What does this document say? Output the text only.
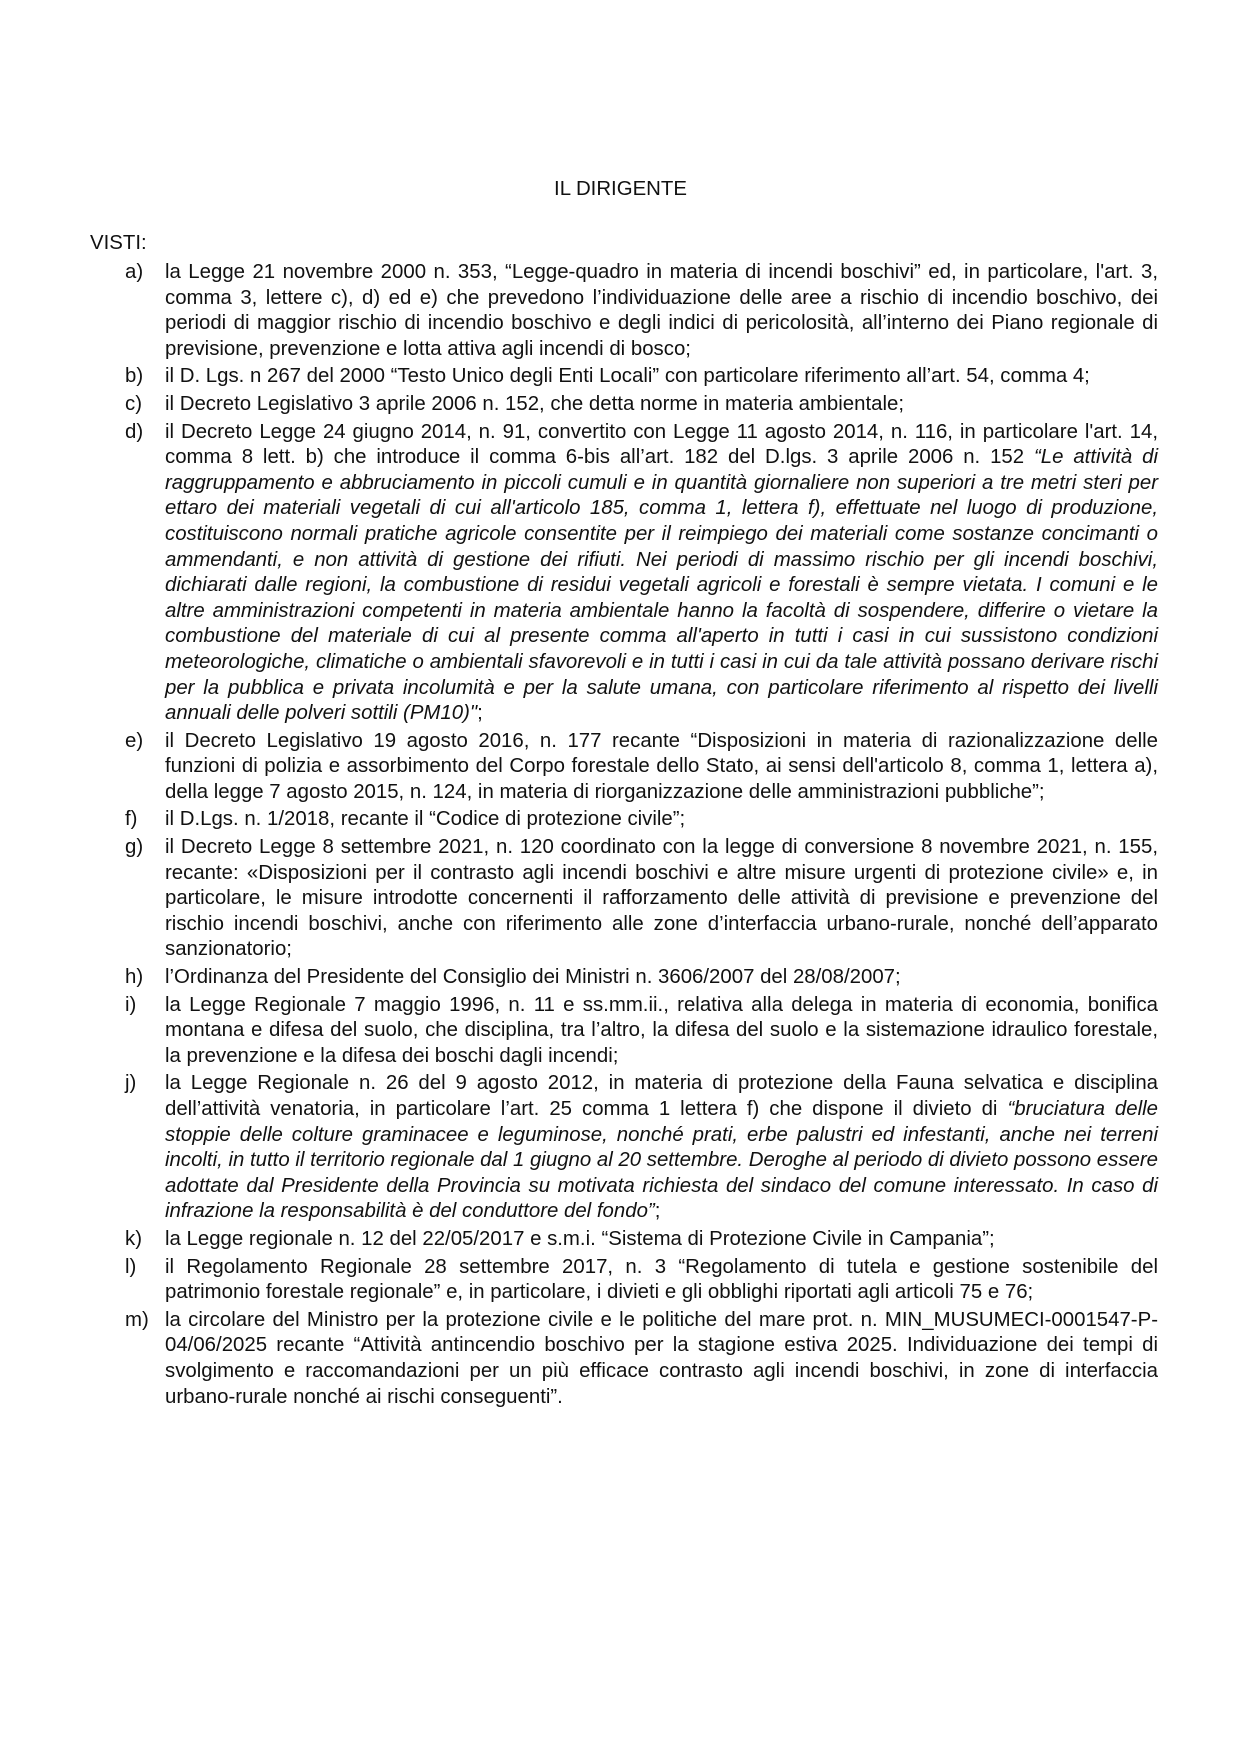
IL DIRIGENTE
VISTI:
a) la Legge 21 novembre 2000 n. 353, “Legge-quadro in materia di incendi boschivi” ed, in particolare, l'art. 3, comma 3, lettere c), d) ed e) che prevedono l’individuazione delle aree a rischio di incendio boschivo, dei periodi di maggior rischio di incendio boschivo e degli indici di pericolosità, all’interno dei Piano regionale di previsione, prevenzione e lotta attiva agli incendi di bosco;
b) il D. Lgs. n 267 del 2000 “Testo Unico degli Enti Locali” con particolare riferimento all’art. 54, comma 4;
c) il Decreto Legislativo 3 aprile 2006 n. 152, che detta norme in materia ambientale;
d) il Decreto Legge 24 giugno 2014, n. 91, convertito con Legge 11 agosto 2014, n. 116, in particolare l'art. 14, comma 8 lett. b) che introduce il comma 6-bis all’art. 182 del D.lgs. 3 aprile 2006 n. 152 “Le attività di raggruppamento e abbruciamento in piccoli cumuli e in quantità giornaliere non superiori a tre metri steri per ettaro dei materiali vegetali di cui all'articolo 185, comma 1, lettera f), effettuate nel luogo di produzione, costituiscono normali pratiche agricole consentite per il reimpiego dei materiali come sostanze concimanti o ammendanti, e non attività di gestione dei rifiuti. Nei periodi di massimo rischio per gli incendi boschivi, dichiarati dalle regioni, la combustione di residui vegetali agricoli e forestali è sempre vietata. I comuni e le altre amministrazioni competenti in materia ambientale hanno la facoltà di sospendere, differire o vietare la combustione del materiale di cui al presente comma all'aperto in tutti i casi in cui sussistono condizioni meteorologiche, climatiche o ambientali sfavorevoli e in tutti i casi in cui da tale attività possano derivare rischi per la pubblica e privata incolumità e per la salute umana, con particolare riferimento al rispetto dei livelli annuali delle polveri sottili (PM10)";
e) il Decreto Legislativo 19 agosto 2016, n. 177 recante “Disposizioni in materia di razionalizzazione delle funzioni di polizia e assorbimento del Corpo forestale dello Stato, ai sensi dell'articolo 8, comma 1, lettera a), della legge 7 agosto 2015, n. 124, in materia di riorganizzazione delle amministrazioni pubbliche”;
f) il D.Lgs. n. 1/2018, recante il “Codice di protezione civile”;
g) il Decreto Legge 8 settembre 2021, n. 120 coordinato con la legge di conversione 8 novembre 2021, n. 155, recante: «Disposizioni per il contrasto agli incendi boschivi e altre misure urgenti di protezione civile» e, in particolare, le misure introdotte concernenti il rafforzamento delle attività di previsione e prevenzione del rischio incendi boschivi, anche con riferimento alle zone d’interfaccia urbano-rurale, nonché dell’apparato sanzionatorio;
h) l’Ordinanza del Presidente del Consiglio dei Ministri n. 3606/2007 del 28/08/2007;
i) la Legge Regionale 7 maggio 1996, n. 11 e ss.mm.ii., relativa alla delega in materia di economia, bonifica montana e difesa del suolo, che disciplina, tra l’altro, la difesa del suolo e la sistemazione idraulico forestale, la prevenzione e la difesa dei boschi dagli incendi;
j) la Legge Regionale n. 26 del 9 agosto 2012, in materia di protezione della Fauna selvatica e disciplina dell’attività venatoria, in particolare l’art. 25 comma 1 lettera f) che dispone il divieto di “bruciatura delle stoppie delle colture graminacee e leguminose, nonché prati, erbe palustri ed infestanti, anche nei terreni incolti, in tutto il territorio regionale dal 1 giugno al 20 settembre. Deroghe al periodo di divieto possono essere adottate dal Presidente della Provincia su motivata richiesta del sindaco del comune interessato. In caso di infrazione la responsabilità è del conduttore del fondo”;
k) la Legge regionale n. 12 del 22/05/2017 e s.m.i. “Sistema di Protezione Civile in Campania”;
l) il Regolamento Regionale 28 settembre 2017, n. 3 “Regolamento di tutela e gestione sostenibile del patrimonio forestale regionale” e, in particolare, i divieti e gli obblighi riportati agli articoli 75 e 76;
m) la circolare del Ministro per la protezione civile e le politiche del mare prot. n. MIN_MUSUMECI-0001547-P-04/06/2025 recante “Attività antincendio boschivo per la stagione estiva 2025. Individuazione dei tempi di svolgimento e raccomandazioni per un più efficace contrasto agli incendi boschivi, in zone di interfaccia urbano-rurale nonché ai rischi conseguenti”.
